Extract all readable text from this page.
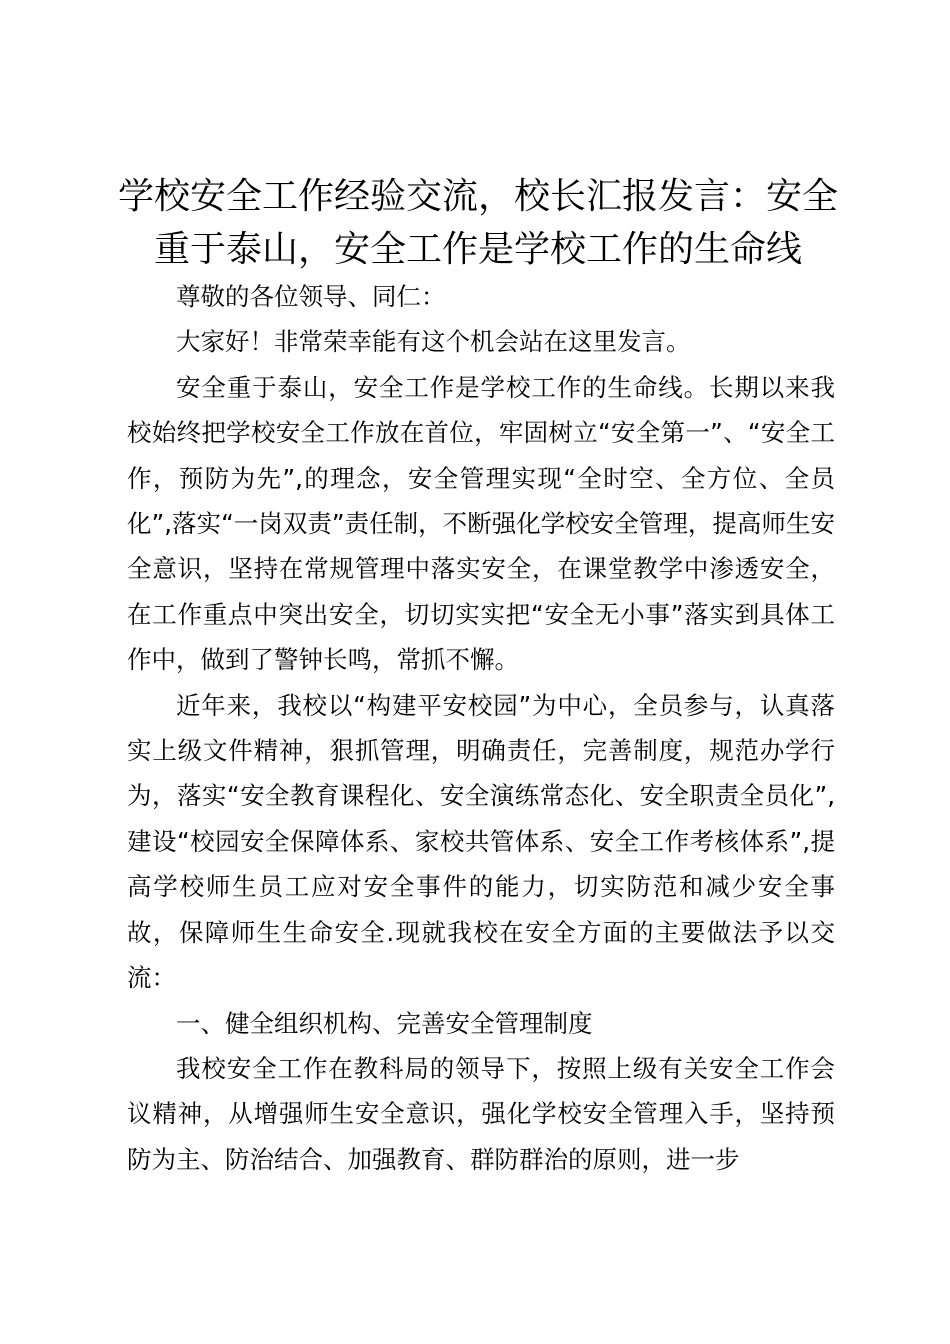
学校安全工作经验交流，校长汇报发言：安全重于泰山，安全工作是学校工作的生命线

尊敬的各位领导、同仁：

大家好！非常荣幸能有这个机会站在这里发言。

安全重于泰山，安全工作是学校工作的生命线。长期以来我校始终把学校安全工作放在首位，牢固树立“安全第一”、“安全工作，预防为先”,的理念，安全管理实现“全时空、全方位、全员化”,落实“一岗双责”责任制，不断强化学校安全管理，提高师生安全意识，坚持在常规管理中落实安全，在课堂教学中渗透安全，在工作重点中突出安全，切切实实把“安全无小事”落实到具体工作中，做到了警钟长鸣，常抓不懈。

近年来，我校以“构建平安校园”为中心，全员参与，认真落实上级文件精神，狠抓管理，明确责任，完善制度，规范办学行为，落实“安全教育课程化、安全演练常态化、安全职责全员化”,建设“校园安全保障体系、家校共管体系、安全工作考核体系”,提高学校师生员工应对安全事件的能力，切实防范和减少安全事故，保障师生生命安全.现就我校在安全方面的主要做法予以交流：

一、健全组织机构、完善安全管理制度

我校安全工作在教科局的领导下，按照上级有关安全工作会议精神，从增强师生安全意识，强化学校安全管理入手，坚持预防为主、防治结合、加强教育、群防群治的原则，进一步
